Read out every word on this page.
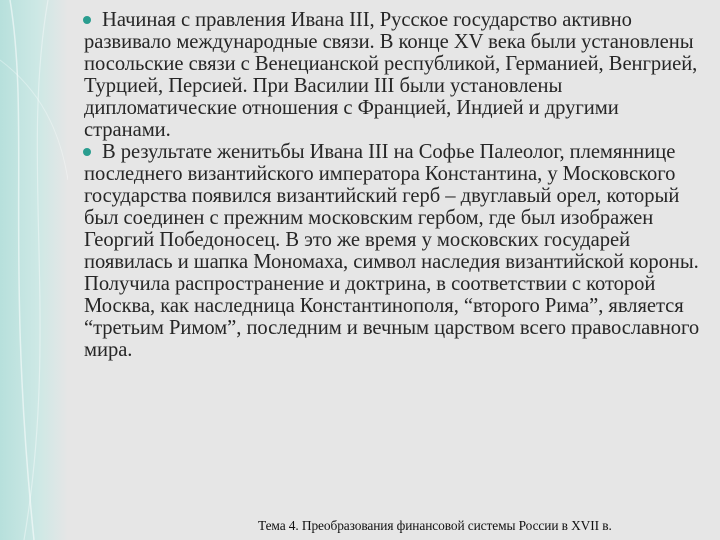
Начиная с правления Ивана III, Русское государство активно развивало международные связи. В конце XV века были установлены посольские связи с Венецианской республикой, Германией, Венгрией, Турцией, Персией. При Василии III были установлены дипломатические отношения с Францией, Индией и другими странами.

В результате женитьбы Ивана III на Софье Палеолог, племяннице последнего византийского императора Константина, у Московского государства появился византийский герб – двуглавый орел, который был соединен с прежним московским гербом, где был изображен Георгий Победоносец. В это же время у московских государей появилась и шапка Мономаха, символ наследия византийской короны. Получила распространение и доктрина, в соответствии с которой Москва, как наследница Константинополя, “второго Рима”, является “третьим Римом”, последним и вечным царством всего православного мира.

Тема 4. Преобразования финансовой системы России в XVII в.
